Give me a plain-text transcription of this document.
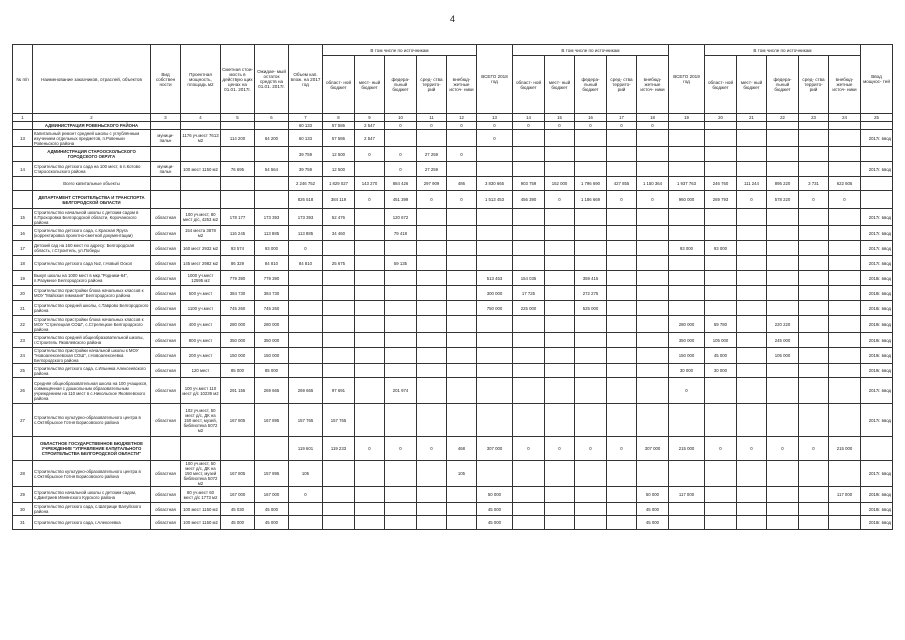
4
№ п/п	Наименование заказчиков, отраслей, объектов	Вид собствен ности	Проектная мощность, площадь м2	Сметная стои- мость в действую щих ценах на 01.01. 2017г.	Ожидае- мый остаток средств на 01.01. 2017г.	Объем кап. влож. на 2017 год	В том числе по источникам					ВСЕГО 2018 год	В том числе по источникам					ВСЕГО 2019 год	В том числе по источникам					Ввод мощнос- тей
							област- ной бюджет	мест- ный бюджет	федера- льный бюджет	сред- ства террито- рий	внебюд- жетные источ- ники		област- ной бюджет	мест- ный бюджет	федера- льный бюджет	сред- ства террито- рий	внебюд- жетные источ- ники		област- ной бюджет	мест- ный бюджет	федера- льный бюджет	сред- ства террито- рий	внебюд- жетные источ- ники	
1	2	3	4	5	6	7	8	9	10	11	12	13	14	15	16	17	18	19	20	21	22	23	24	25
	АДМИНИСТРАЦИЯ РОВЕНЬСКОГО РАЙОНА					60 133	57 586	2 547	0	0	0	0	0	0	0	0	0							
13	Капитальный ремонт средней школы с углублённым изучением отдельных предметов, п.Ровеньки Ровеньского района	муници- пальн	1176 уч.мест 7613 м2	114 200	64 200	60 133	57 586	2 547				0												2017г. ввод
	АДМИНИСТРАЦИЯ СТАРООСКОЛЬСКОГО ГОРОДСКОГО ОКРУГА					39 759	12 500	0	0	27 259	0													
14	Строительство детского сада на 100 мест, в п.Котово Старооскольского района	муници- пальн	100 мест 1150 м2	76 695	54 564	39 759	12 500		0	27 259														2017г. ввод
	Всего капитальные объекты					2 246 752	1 829 027	143 270	884 426	297 909	486	3 830 665	903 759	152 000	1 796 690	427 855	1 150 364	1 937 763	246 760	111 244	895 220	3 731	622 605	
	ДЕПАРТАМЕНТ СТРОИТЕЛЬСТВА И ТРАНСПОРТА БЕЛГОРОДСКОЙ ОБЛАСТИ					826 518	384 119	0	451 399	0	0	1 513 453	456 390	0	1 186 669	0	0	960 000	269 793	0	578 220	0	0	
15	Строительство начальной школы с детским садом в п.Прохоровка Белгородской области, Корочанского района	областная	100 уч.мест, 80 мест д/с, 4253 м2	178 177	173 393	173 393	52 476		120 672															2017г. ввод
16	Строительство детского сада, с.Красная Яруга (корректировка проектно-сметной документации)	областная	154 места 3878 м2	116 245	113 885	113 885	34 460		79 418															2017г. ввод
17	Детский сад на 160 мест по адресу: Белгородская область, г.Строитель, ул.Победы	областная	160 мест 2932 м2	93 574	93 000	0												93 000	93 000					2017г. ввод
18	Строительство детского сада №2, г.Новый Оскол	областная	145 мест 2982 м2	86 329	84 810	84 810	25 675		59 135															2017г. ввод
19	Выкуп школы на 1000 мест в мкр."Родники-84", п.Разумное Белгородского района	областная	1000 уч.мест 12595 м2	779 390	779 390							513 453	154 035		359 415									2018г. ввод
20	Строительство пристройки блока начальных классов к МОУ "Майская гимназия" Белгородского района	областная	500 уч.мест	384 730	384 730							300 000	17 725		272 275									2018г. ввод
21	Строительство средней школы, с.Таврово Белгородского района	областная	1100 уч.мест	745 260	745 260							750 000	225 000		525 000									2018г. ввод
22	Строительство пристройки блока начальных классов к МОУ "Стрелецкая СОШ", с.Стрелецкое Белгородского района	областная	400 уч.мест	280 000	280 000													280 000	59 780		220 220			2019г. ввод
23	Строительство средней общеобразовательной школы, г.Строитель Яковлевского района	областная	800 уч.мест	350 000	350 000													350 000	105 000		245 000			2019г. ввод
24	Строительство пристройки начальной школы к МОУ "Новоалексеевская СОШ", г.Новоалексеевка Белгородского района	областная	200 уч.мест	150 000	150 000													150 000	45 000		105 000			2019г. ввод
25	Строительство детского сада, с.Ильинка Алексеевского района	областная	120 мест	85 000	85 000													30 000	30 000					2019г. ввод
26	Средняя общеобразовательная школа на 100 учащихся, совмещённая с дошкольным образовательным учреждением на 110 мест в с.Никольское Яковлевского района	областная	100 уч.мест 110 мест д/с 10239 м2	291 155	269 665	269 665	97 691		201 974									0						2017г. ввод
27	Строительство культурно-образовательного центра в с.Октябрьское Готня Борисовского района	областная	102 уч.мест, 50 мест д/с, ДК на 150 мест, музей, библиотека 5072 м2	167 805	167 895	157 765	157 765																	2017г. ввод
	ОБЛАСТНОЕ ГОСУДАРСТВЕННОЕ БЮДЖЕТНОЕ УЧРЕЖДЕНИЕ "УПРАВЛЕНИЕ КАПИТАЛЬНОГО СТРОИТЕЛЬСТВА БЕЛГОРОДСКОЙ ОБЛАСТИ"					119 601	119 233	0	0	0	468	307 000	0	0	0	0	307 000	215 000	0	0	0	0	215 000	
28	Строительство культурно-образовательного центра в с.Октябрьское Готня Борисовского района	областная	100 уч.мест, 50 мест д/с, ДК на 150 мест, музей библиотека 5072 м2	167 805	157 895	105					105													2017г. ввод
29	Строительство начальной школы с детским садом, с.Дмитриев Ивнянского Курского района	областная	80 уч.мест 60 мест д/с 1773 м2	167 000	167 000	0						50 000					50 000	117 000					117 000	2019г. ввод
30	Строительство детского сада, с.Шатрище Валуйского района	областная	100 мест 1150 м2	45 030	45 000							45 000					45 000							2018г. ввод
31	Строительство детского сада, г.Алексеевка	областная	100 мест 1150 м2	45 000	45 000							45 000					45 000							2018г. ввод
